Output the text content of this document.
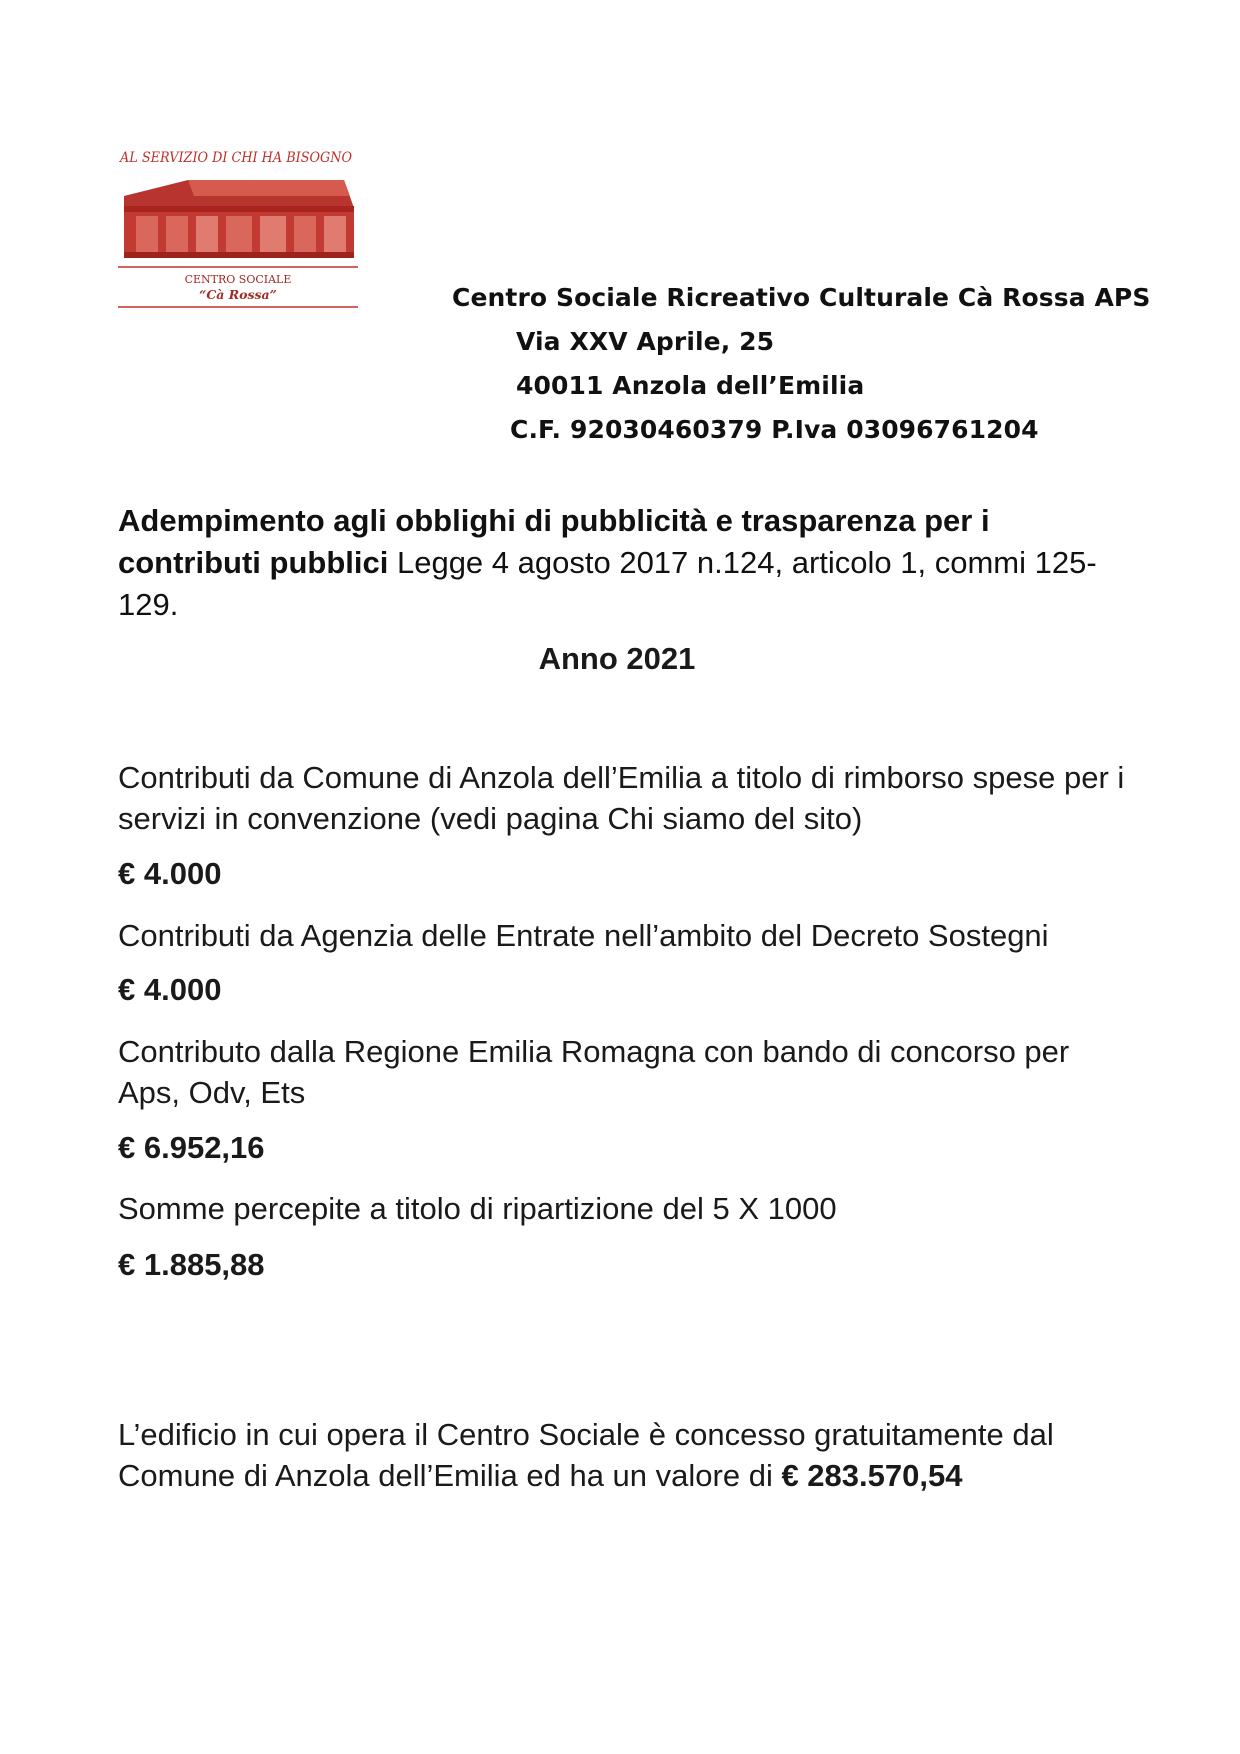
AL SERVIZIO DI CHI HA BISOGNO
CENTRO SOCIALE
“Cà Rossa”	Centro Sociale Ricreativo Culturale Cà Rossa APS
Via XXV Aprile, 25
40011 Anzola dell’Emilia
C.F. 92030460379 P.Iva 03096761204
Adempimento agli obblighi di pubblicità e trasparenza per i contributi pubblici Legge 4 agosto 2017 n.124, articolo 1, commi 125-129.
Anno 2021
Contributi da Comune di Anzola dell’Emilia a titolo di rimborso spese per i servizi in convenzione (vedi pagina Chi siamo del sito)
€ 4.000
Contributi da Agenzia delle Entrate nell’ambito del Decreto Sostegni
€ 4.000
Contributo dalla Regione Emilia Romagna con bando di concorso per Aps, Odv, Ets
€ 6.952,16
Somme percepite a titolo di ripartizione del 5 X 1000
€ 1.885,88
L’edificio in cui opera il Centro Sociale è concesso gratuitamente dal Comune di Anzola dell’Emilia ed ha un valore di € 283.570,54
